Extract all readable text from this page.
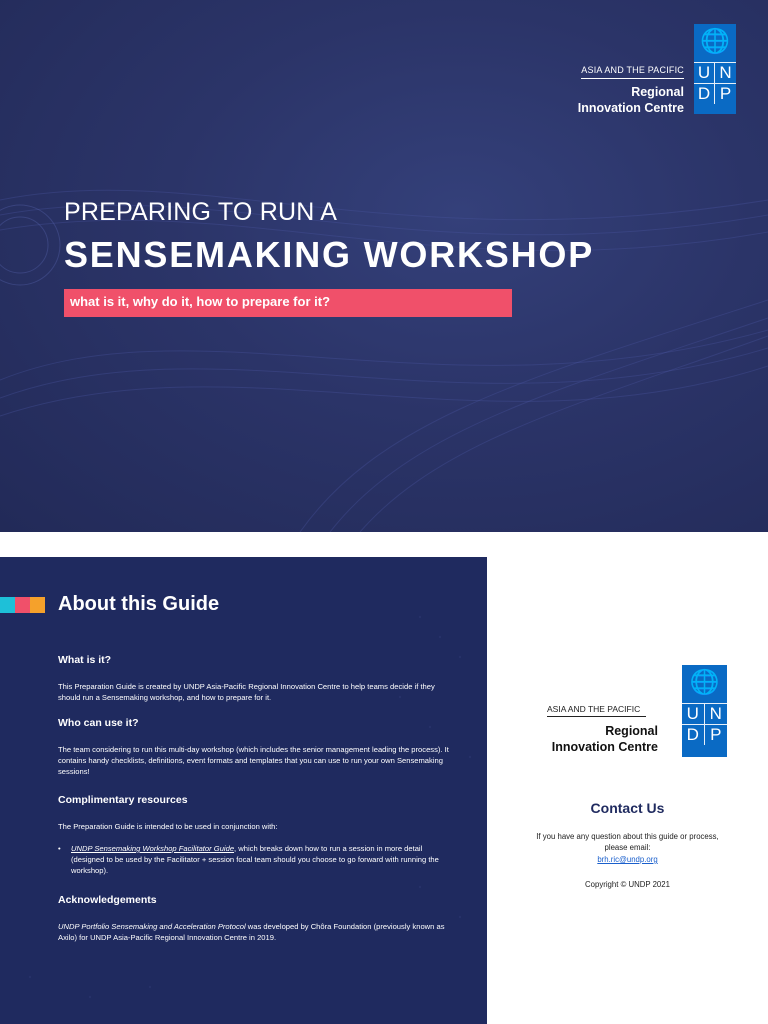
ASIA AND THE PACIFIC
Regional
Innovation Centre
🌐
U N
D P
PREPARING TO RUN A
SENSEMAKING WORKSHOP
what is it, why do it, how to prepare for it?
About this Guide
What is it?

This Preparation Guide is created by UNDP Asia-Pacific Regional Innovation Centre to help teams decide if they should run a Sensemaking workshop, and how to prepare for it.

Who can use it?

The team considering to run this multi-day workshop (which includes the senior management leading the process). It contains handy checklists, definitions, event formats and templates that you can use to run your own Sensemaking sessions!

Complimentary resources

The Preparation Guide is intended to be used in conjunction with:

• UNDP Sensemaking Workshop Facilitator Guide, which breaks down how to run a session in more detail (designed to be used by the Facilitator + session focal team should you choose to go forward with running the workshop).
Acknowledgements

UNDP Portfolio Sensemaking and Acceleration Protocol was developed by Chôra Foundation (previously known as Axilo) for UNDP Asia-Pacific Regional Innovation Centre in 2019.

ASIA AND THE PACIFIC
Regional
Innovation Centre
Contact Us
If you have any question about this guide or process, please email:
brh.ric@undp.org
Copyright © UNDP 2021
🌐
U N
D P
